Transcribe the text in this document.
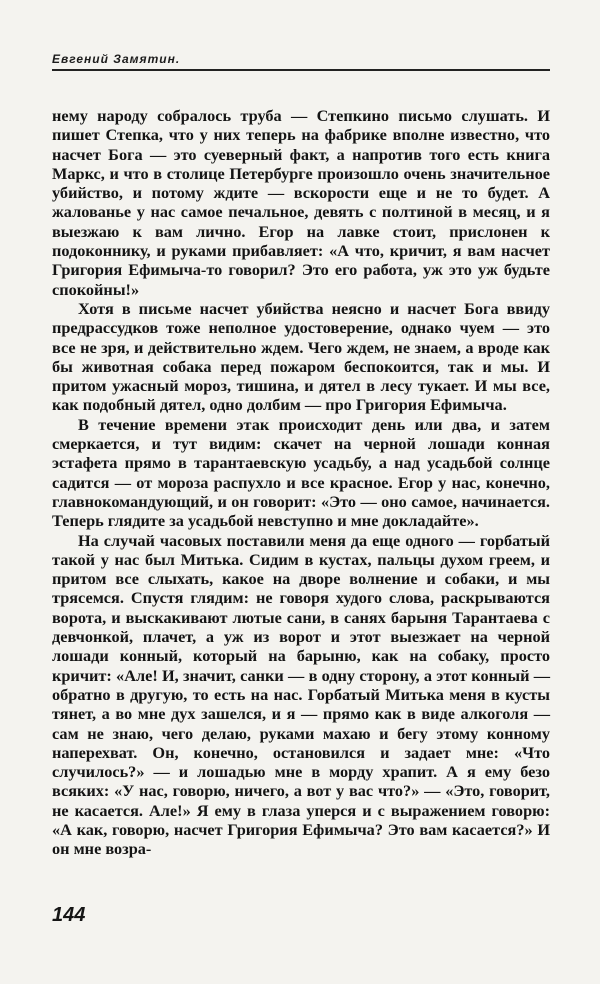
Евгений Замятин.

нему народу собралось труба — Степкино письмо слушать. И пишет Степка, что у них теперь на фабрике вполне известно, что насчет Бога — это суеверный факт, а напротив того есть книга Маркс, и что в столице Петербурге произошло очень значительное убийство, и потому ждите — вскорости еще и не то будет. А жалованье у нас самое печальное, девять с полтиной в месяц, и я выезжаю к вам лично. Егор на лавке стоит, прислонен к подоконнику, и руками прибавляет: «А что, кричит, я вам насчет Григория Ефимыча-то говорил? Это его работа, уж это уж будьте спокойны!»

Хотя в письме насчет убийства неясно и насчет Бога ввиду предрассудков тоже неполное удостоверение, однако чуем — это все не зря, и действительно ждем. Чего ждем, не знаем, а вроде как бы животная собака перед пожаром беспокоится, так и мы. И притом ужасный мороз, тишина, и дятел в лесу тукает. И мы все, как подобный дятел, одно долбим — про Григория Ефимыча.

В течение времени этак происходит день или два, и затем смеркается, и тут видим: скачет на черной лошади конная эстафета прямо в тарантаевскую усадьбу, а над усадьбой солнце садится — от мороза распухло и все красное. Егор у нас, конечно, главнокомандующий, и он говорит: «Это — оно самое, начинается. Теперь глядите за усадьбой невступно и мне докладайте».

На случай часовых поставили меня да еще одного — горбатый такой у нас был Митька. Сидим в кустах, пальцы духом греем, и притом все слыхать, какое на дворе волнение и собаки, и мы трясемся. Спустя глядим: не говоря худого слова, раскрываются ворота, и выскакивают лютые сани, в санях барыня Тарантаева с девчонкой, плачет, а уж из ворот и этот выезжает на черной лошади конный, который на барыню, как на собаку, просто кричит: «Але! И, значит, санки — в одну сторону, а этот конный — обратно в другую, то есть на нас. Горбатый Митька меня в кусты тянет, а во мне дух зашелся, и я — прямо как в виде алкоголя — сам не знаю, чего делаю, руками махаю и бегу этому конному наперехват. Он, конечно, остановился и задает мне: «Что случилось?» — и лошадью мне в морду храпит. А я ему безо всяких: «У нас, говорю, ничего, а вот у вас что?» — «Это, говорит, не касается. Але!» Я ему в глаза уперся и с выражением говорю: «А как, говорю, насчет Григория Ефимыча? Это вам касается?» И он мне возра-

144
